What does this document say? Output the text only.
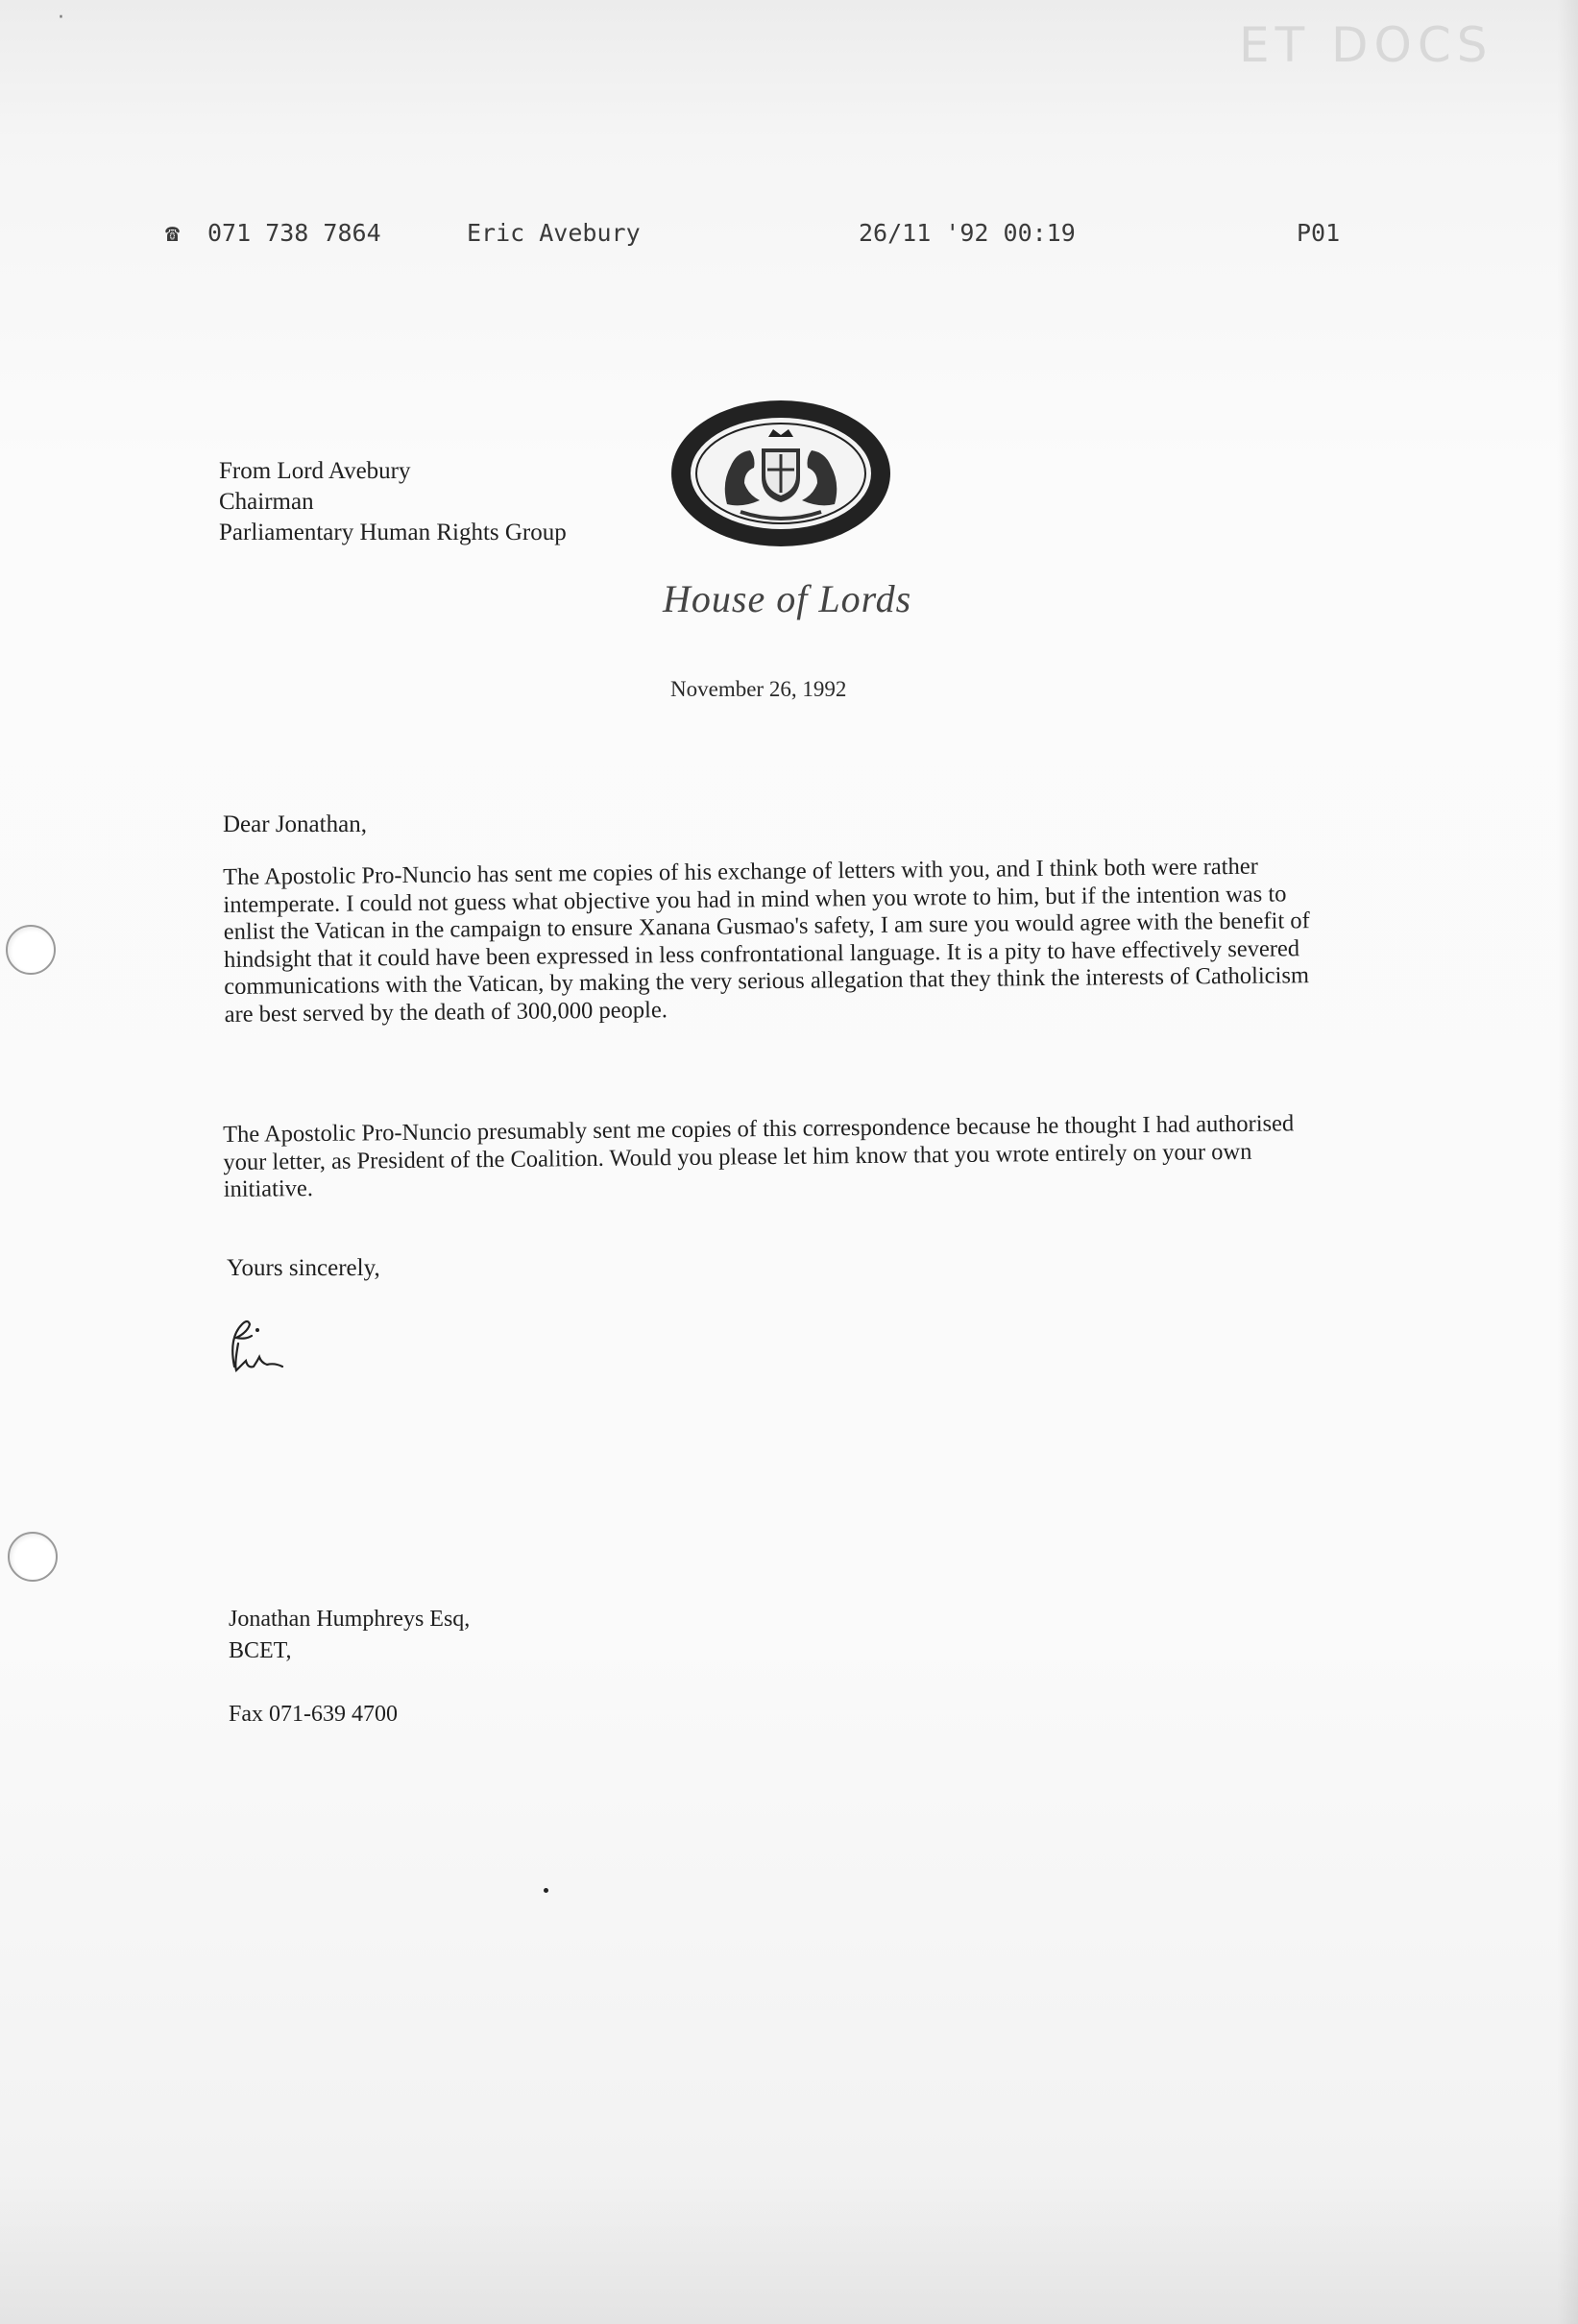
·	ET DOCS
☎ 071 738 7864	Eric Avebury	26/11 '92 00:19	P01
From Lord Avebury
Chairman
Parliamentary Human Rights Group
House of Lords
November 26, 1992
Dear Jonathan,
The Apostolic Pro-Nuncio has sent me copies of his exchange of letters with you, and I think both were rather intemperate. I could not guess what objective you had in mind when you wrote to him, but if the intention was to enlist the Vatican in the campaign to ensure Xanana Gusmao's safety, I am sure you would agree with the benefit of hindsight that it could have been expressed in less confrontational language. It is a pity to have effectively severed communications with the Vatican, by making the very serious allegation that they think the interests of Catholicism are best served by the death of 300,000 people.
The Apostolic Pro-Nuncio presumably sent me copies of this correspondence because he thought I had authorised your letter, as President of the Coalition. Would you please let him know that you wrote entirely on your own initiative.
Yours sincerely,
Jonathan Humphreys Esq,
BCET,
Fax 071-639 4700
